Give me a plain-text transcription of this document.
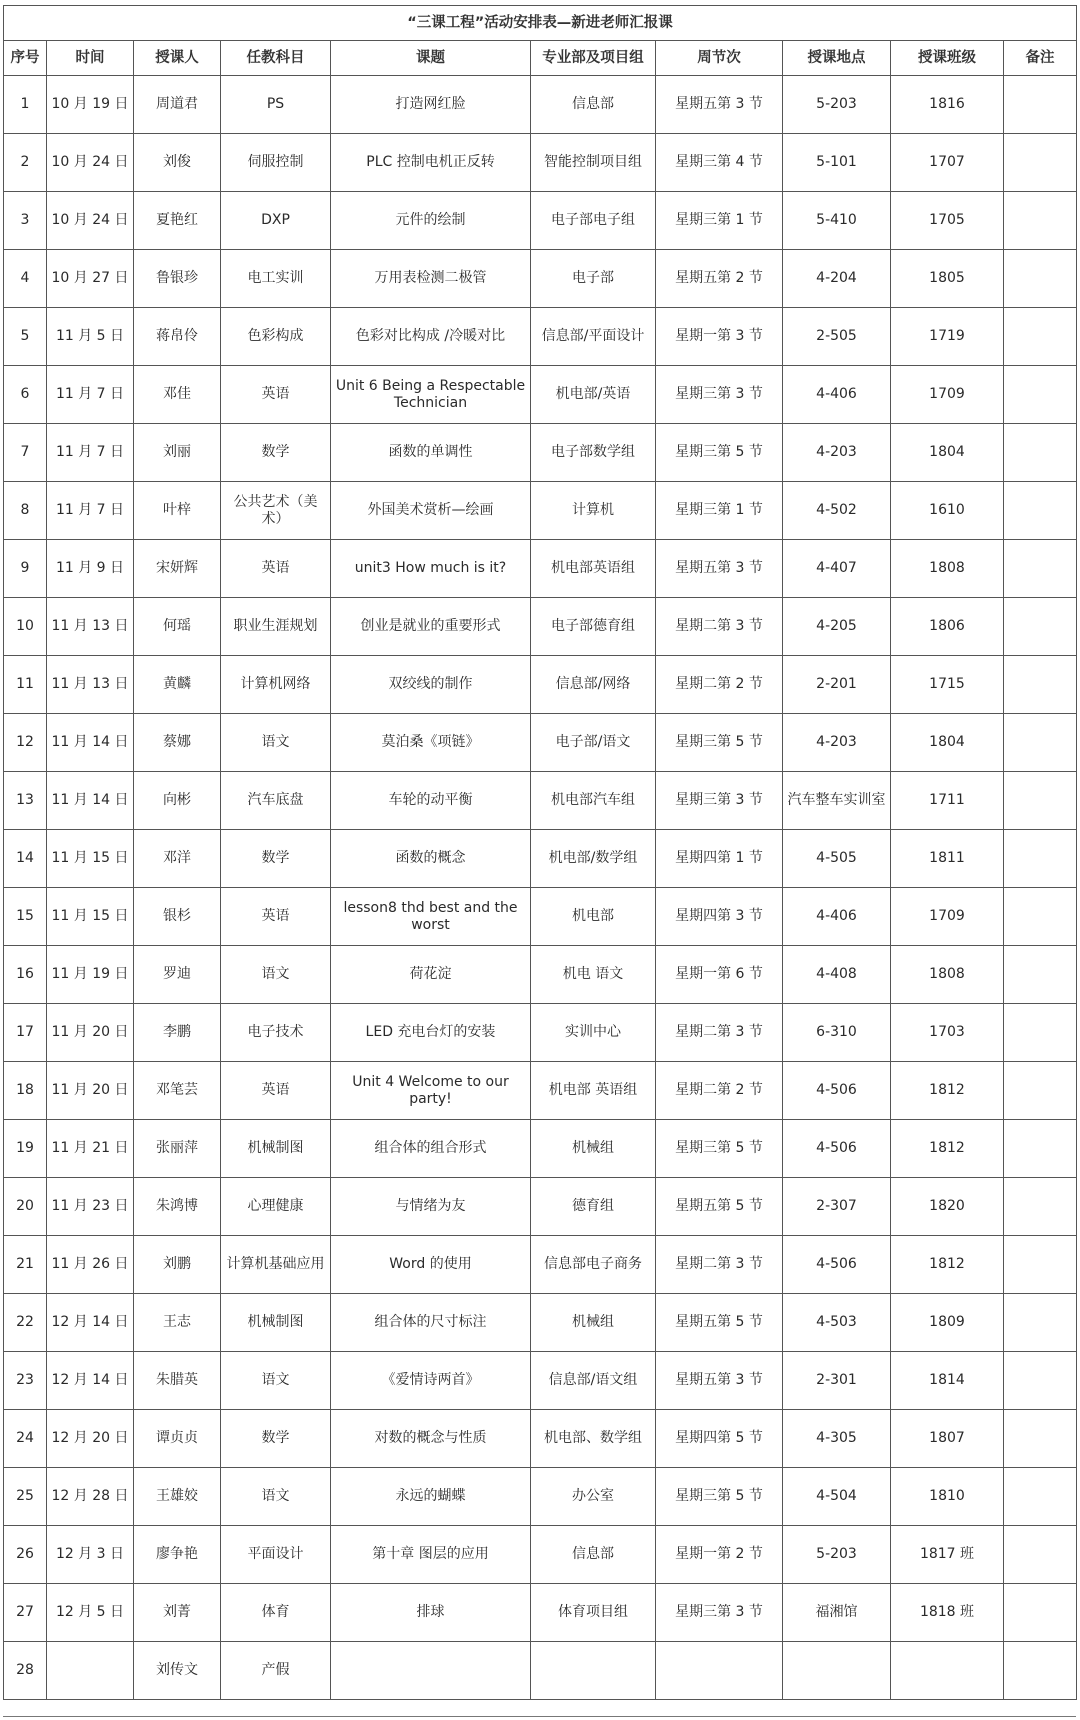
“三课工程”活动安排表—新进老师汇报课									
序号	时间	授课人	任教科目	课题	专业部及项目组	周节次	授课地点	授课班级	备注
1	10 月 19 日	周道君	PS	打造网红脸	信息部	星期五第 3 节	5-203	1816	
2	10 月 24 日	刘俊	伺服控制	PLC 控制电机正反转	智能控制项目组	星期三第 4 节	5-101	1707	
3	10 月 24 日	夏艳红	DXP	元件的绘制	电子部电子组	星期三第 1 节	5-410	1705	
4	10 月 27 日	鲁银珍	电工实训	万用表检测二极管	电子部	星期五第 2 节	4-204	1805	
5	11 月 5 日	蒋帛伶	色彩构成	色彩对比构成 /冷暖对比	信息部/平面设计	星期一第 3 节	2-505	1719	
6	11 月 7 日	邓佳	英语	Unit 6 Being a Respectable Technician	机电部/英语	星期三第 3 节	4-406	1709	
7	11 月 7 日	刘丽	数学	函数的单调性	电子部数学组	星期三第 5 节	4-203	1804	
8	11 月 7 日	叶梓	公共艺术（美术）	外国美术赏析—绘画	计算机	星期三第 1 节	4-502	1610	
9	11 月 9 日	宋妍辉	英语	unit3 How much is it?	机电部英语组	星期五第 3 节	4-407	1808	
10	11 月 13 日	何瑶	职业生涯规划	创业是就业的重要形式	电子部德育组	星期二第 3 节	4-205	1806	
11	11 月 13 日	黄麟	计算机网络	双绞线的制作	信息部/网络	星期二第 2 节	2-201	1715	
12	11 月 14 日	蔡娜	语文	莫泊桑《项链》	电子部/语文	星期三第 5 节	4-203	1804	
13	11 月 14 日	向彬	汽车底盘	车轮的动平衡	机电部汽车组	星期三第 3 节	汽车整车实训室	1711	
14	11 月 15 日	邓洋	数学	函数的概念	机电部/数学组	星期四第 1 节	4-505	1811	
15	11 月 15 日	银杉	英语	lesson8 thd best and the worst	机电部	星期四第 3 节	4-406	1709	
16	11 月 19 日	罗迪	语文	荷花淀	机电 语文	星期一第 6 节	4-408	1808	
17	11 月 20 日	李鹏	电子技术	LED 充电台灯的安装	实训中心	星期二第 3 节	6-310	1703	
18	11 月 20 日	邓笔芸	英语	Unit 4 Welcome to our party!	机电部 英语组	星期二第 2 节	4-506	1812	
19	11 月 21 日	张丽萍	机械制图	组合体的组合形式	机械组	星期三第 5 节	4-506	1812	
20	11 月 23 日	朱鸿博	心理健康	与情绪为友	德育组	星期五第 5 节	2-307	1820	
21	11 月 26 日	刘鹏	计算机基础应用	Word 的使用	信息部电子商务	星期二第 3 节	4-506	1812	
22	12 月 14 日	王志	机械制图	组合体的尺寸标注	机械组	星期五第 5 节	4-503	1809	
23	12 月 14 日	朱腊英	语文	《爱情诗两首》	信息部/语文组	星期五第 3 节	2-301	1814	
24	12 月 20 日	谭贞贞	数学	对数的概念与性质	机电部、数学组	星期四第 5 节	4-305	1807	
25	12 月 28 日	王雄姣	语文	永远的蝴蝶	办公室	星期三第 5 节	4-504	1810	
26	12 月 3 日	廖争艳	平面设计	第十章 图层的应用	信息部	星期一第 2 节	5-203	1817 班	
27	12 月 5 日	刘菁	体育	排球	体育项目组	星期三第 3 节	福湘馆	1818 班	
28		刘传文	产假						
